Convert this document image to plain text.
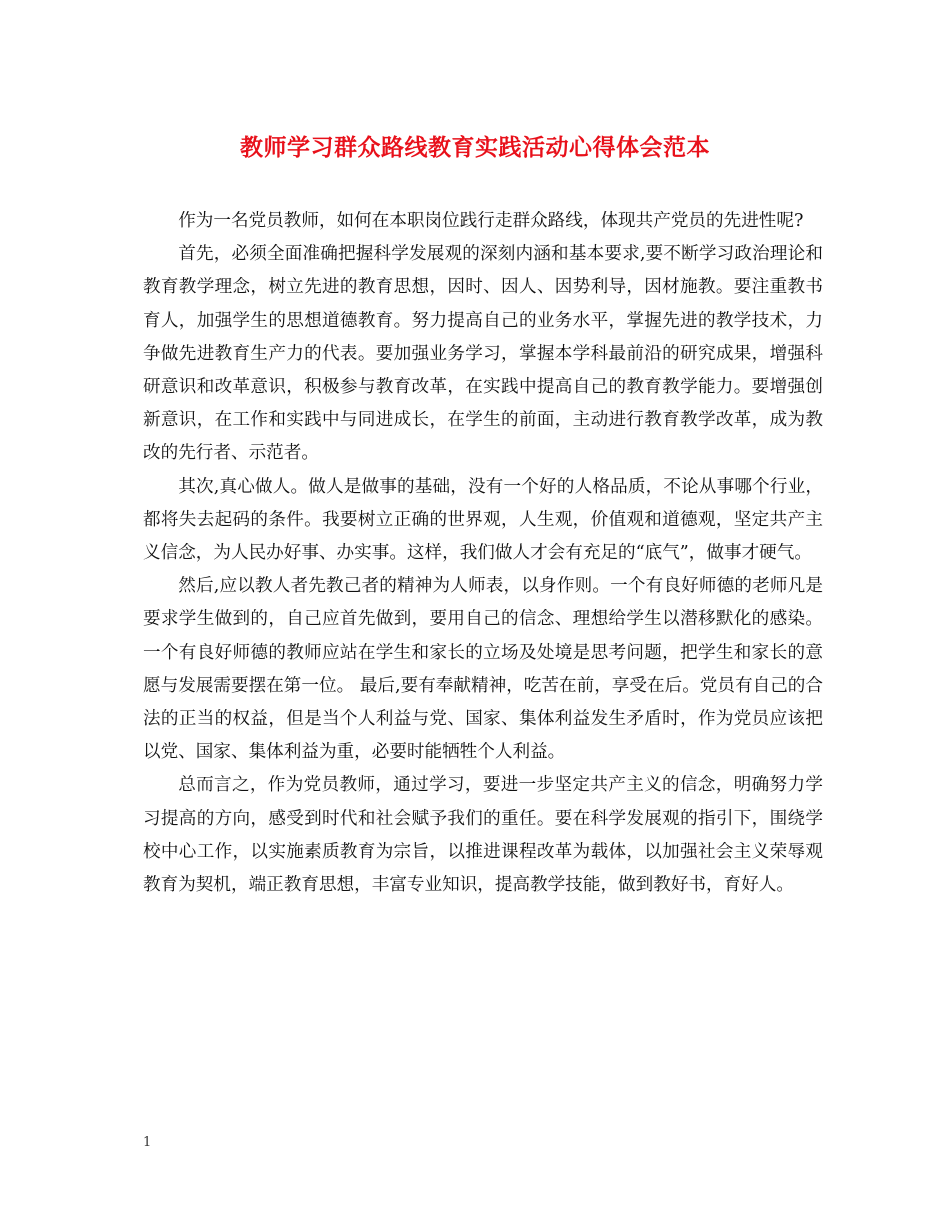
教师学习群众路线教育实践活动心得体会范本

作为一名党员教师，如何在本职岗位践行走群众路线，体现共产党员的先进性呢?

首先，必须全面准确把握科学发展观的深刻内涵和基本要求,要不断学习政治理论和教育教学理念，树立先进的教育思想，因时、因人、因势利导，因材施教。要注重教书育人，加强学生的思想道德教育。努力提高自己的业务水平，掌握先进的教学技术，力争做先进教育生产力的代表。要加强业务学习，掌握本学科最前沿的研究成果，增强科研意识和改革意识，积极参与教育改革，在实践中提高自己的教育教学能力。要增强创新意识，在工作和实践中与同进成长，在学生的前面，主动进行教育教学改革，成为教改的先行者、示范者。

其次,真心做人。做人是做事的基础，没有一个好的人格品质，不论从事哪个行业，都将失去起码的条件。我要树立正确的世界观，人生观，价值观和道德观，坚定共产主义信念，为人民办好事、办实事。这样，我们做人才会有充足的“底气”，做事才硬气。

然后,应以教人者先教己者的精神为人师表，以身作则。一个有良好师德的老师凡是要求学生做到的，自己应首先做到，要用自己的信念、理想给学生以潜移默化的感染。一个有良好师德的教师应站在学生和家长的立场及处境是思考问题，把学生和家长的意愿与发展需要摆在第一位。 最后,要有奉献精神，吃苦在前，享受在后。党员有自己的合法的正当的权益，但是当个人利益与党、国家、集体利益发生矛盾时，作为党员应该把以党、国家、集体利益为重，必要时能牺牲个人利益。

总而言之，作为党员教师，通过学习，要进一步坚定共产主义的信念，明确努力学习提高的方向，感受到时代和社会赋予我们的重任。要在科学发展观的指引下，围绕学校中心工作，以实施素质教育为宗旨，以推进课程改革为载体，以加强社会主义荣辱观教育为契机，端正教育思想，丰富专业知识，提高教学技能，做到教好书，育好人。

1
